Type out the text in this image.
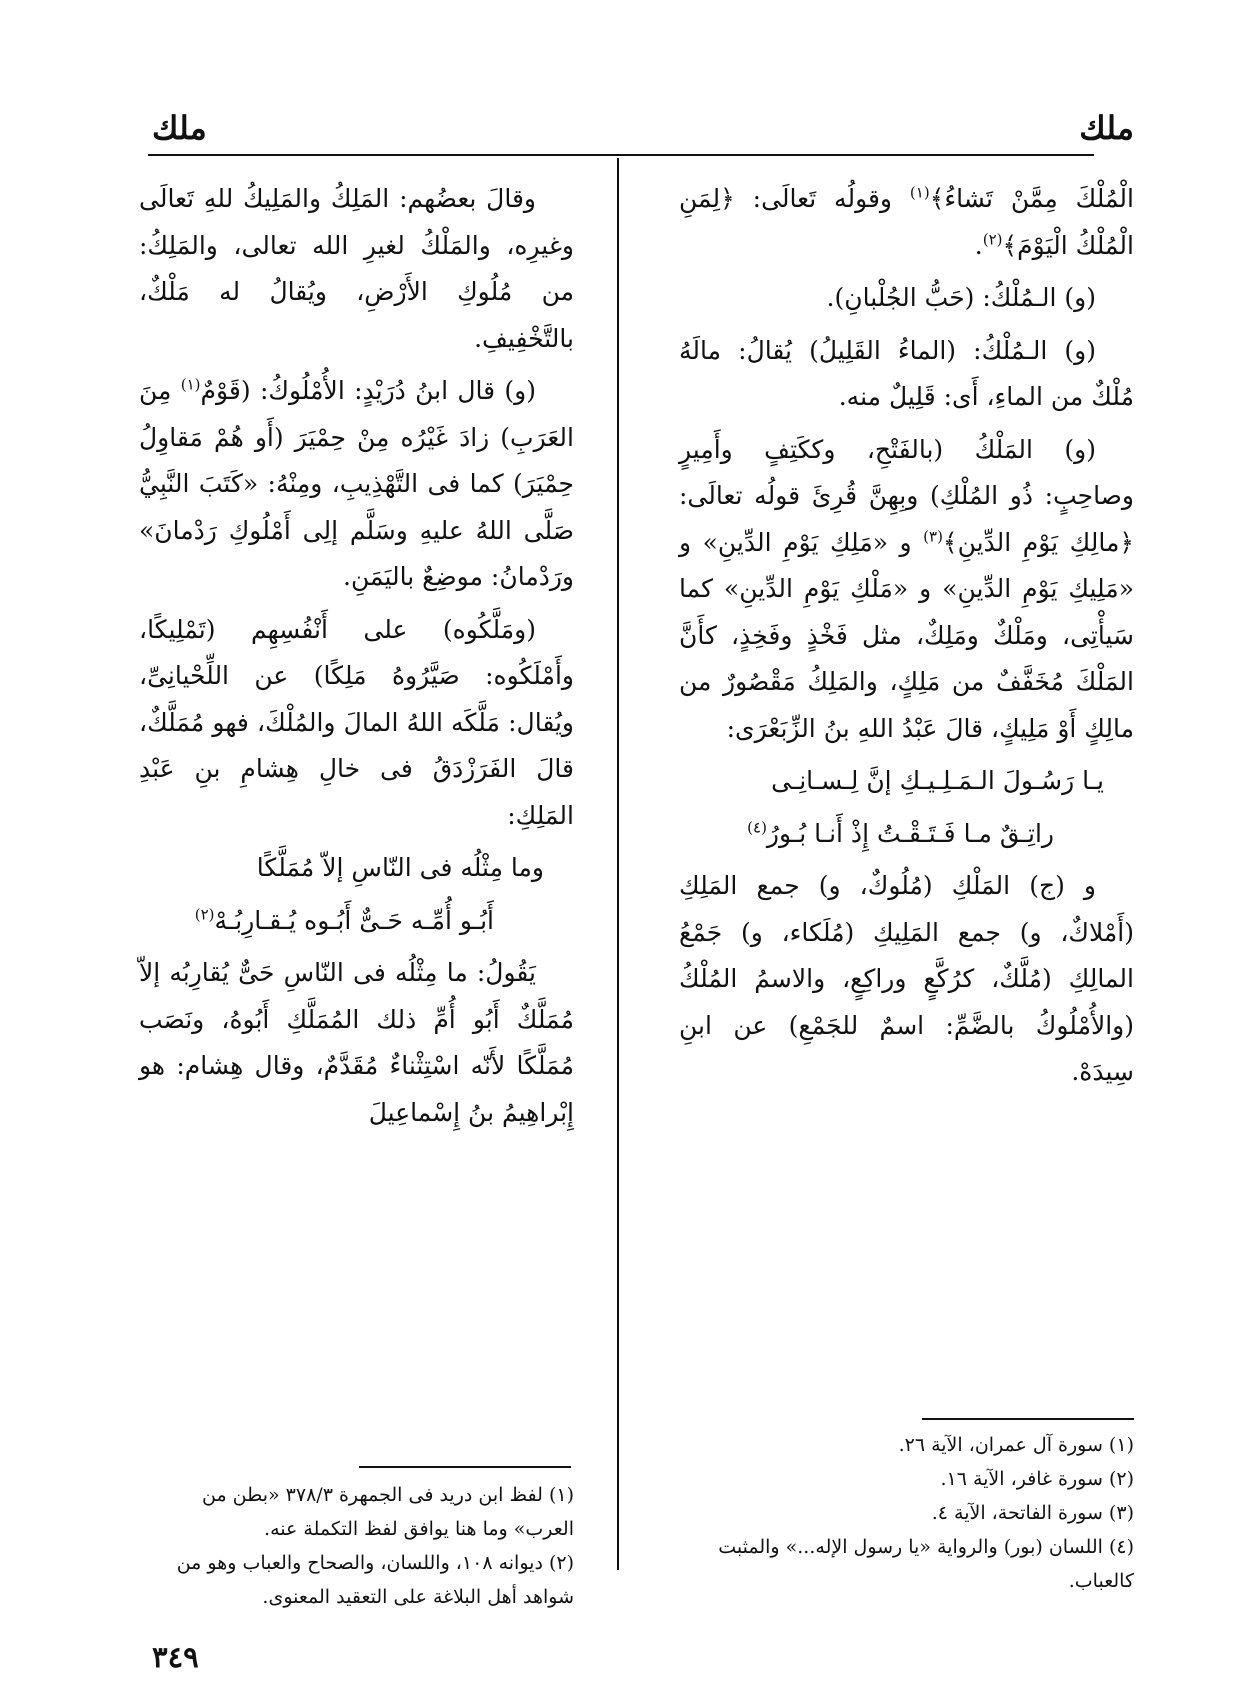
ملك
ملك

الْمُلْكَ مِمَّنْ تَشاءُ﴾$^{(١)}$ وقولُه تَعالَى: ﴿لِمَنِ الْمُلْكُ الْيَوْمَ﴾$^{(٢)}$.

(و) الـمُلْكُ: (حَبُّ الجُلْبانِ).

(و) الـمُلْكُ: (الماءُ القَلِيلُ) يُقالُ: مالَهُ مُلْكٌ من الماءِ، أَى: قَلِيلٌ منه.

(و) المَلْكُ (بالفَتْحِ، وككَتِفٍ وأَمِيرٍ وصاحِبٍ: ذُو المُلْكِ) وبِهِنَّ قُرِئَ قولُه تعالَى: ﴿مالِكِ يَوْمِ الدِّينِ﴾$^{(٣)}$ و «مَلِكِ يَوْمِ الدِّينِ» و «مَلِيكِ يَوْمِ الدِّينِ» و «مَلْكِ يَوْمِ الدِّينِ» كما سَيأْتِى، ومَلْكٌ ومَلِكٌ، مثل فَخْذٍ وفَخِذٍ، كأَنَّ المَلْكَ مُخَفَّفٌ من مَلِكٍ، والمَلِكُ مَقْصُورٌ من مالِكٍ أَوْ مَلِيكٍ، قالَ عَبْدُ اللهِ بنُ الزِّبَعْرَى:

يـا رَسُـولَ الـمَـلِـيـكِ إنَّ لِـسـانِـى
راتِـقٌ مـا فَـتَـقْـتُ إِذْ أَنـا بُـورُ$^{(٤)}$

و (ج) المَلْكِ (مُلُوكٌ، و) جمع المَلِكِ (أَمْلاكٌ، و) جمع المَلِيكِ (مُلَكاء، و) جَمْعُ المالِكِ (مُلَّكٌ، كرُكَّعٍ وراكِعٍ، والاسمُ المُلْكُ (والأُمْلُوكُ بالضَّمِّ: اسمٌ للجَمْعِ) عن ابنِ سِيدَهْ.

وقالَ بعضُهم: المَلِكُ والمَلِيكُ للهِ تَعالَى وغيرِه، والمَلْكُ لغيرِ الله تعالى، والمَلِكُ: من مُلُوكِ الأَرْضِ، ويُقالُ له مَلْكٌ، بالتَّخْفِيفِ.

(و) قال ابنُ دُرَيْدٍ: الأُمْلُوكُ: (قَوْمٌ$^{(١)}$ مِنَ العَرَبِ) زادَ غَيْرُه مِنْ حِمْيَرَ (أَو هُمْ مَقاوِلُ حِمْيَرَ) كما فى التَّهْذِيبِ، ومِنْهُ: «كَتَبَ النَّبِيُّ صَلَّى اللهُ عليهِ وسَلَّم إلِى أَمْلُوكِ رَدْمانَ» ورَدْمانُ: موضِعٌ باليَمَنِ.

(ومَلَّكُوه) على أَنْفُسِهِم (تَمْلِيكًا، وأَمْلَكُوه: صَيَّرُوهُ مَلِكًا) عن اللِّحْيانِىِّ، ويُقال: مَلَّكَه اللهُ المالَ والمُلْكَ، فهو مُمَلَّكٌ، قالَ الفَرَزْدَقُ فى خالِ هِشامِ بنِ عَبْدِ المَلِكِ:

وما مِثْلُه فى النّاسِ إلاّ مُمَلَّكًا
أَبُـو أُمِّـه حَـىٌّ أَبُـوه يُـقـارِبُـهْ$^{(٢)}$

يَقُولُ: ما مِثْلُه فى النّاسِ حَىٌّ يُقارِبُه إلاّ مُمَلَّكٌ أَبُو أُمِّ ذلك المُمَلَّكِ أَبُوهُ، ونَصَب مُمَلَّكًا لأَنّه اسْتِثْناءٌ مُقَدَّمٌ، وقال هِشام: هو إِبْراهِيمُ بنُ إِسْماعِيلَ

(١) سورة آل عمران، الآية ٢٦.

(٢) سورة غافر، الآية ١٦.

(٣) سورة الفاتحة، الآية ٤.

(٤) اللسان (بور) والرواية «يا رسول الإله...» والمثبت كالعباب.

(١) لفظ ابن دريد فى الجمهرة ٣٧٨/٣ «بطن من العرب» وما هنا يوافق لفظ التكملة عنه.

(٢) ديوانه ١٠٨، واللسان، والصحاح والعباب وهو من شواهد أهل البلاغة على التعقيد المعنوى.

٣٤٩
